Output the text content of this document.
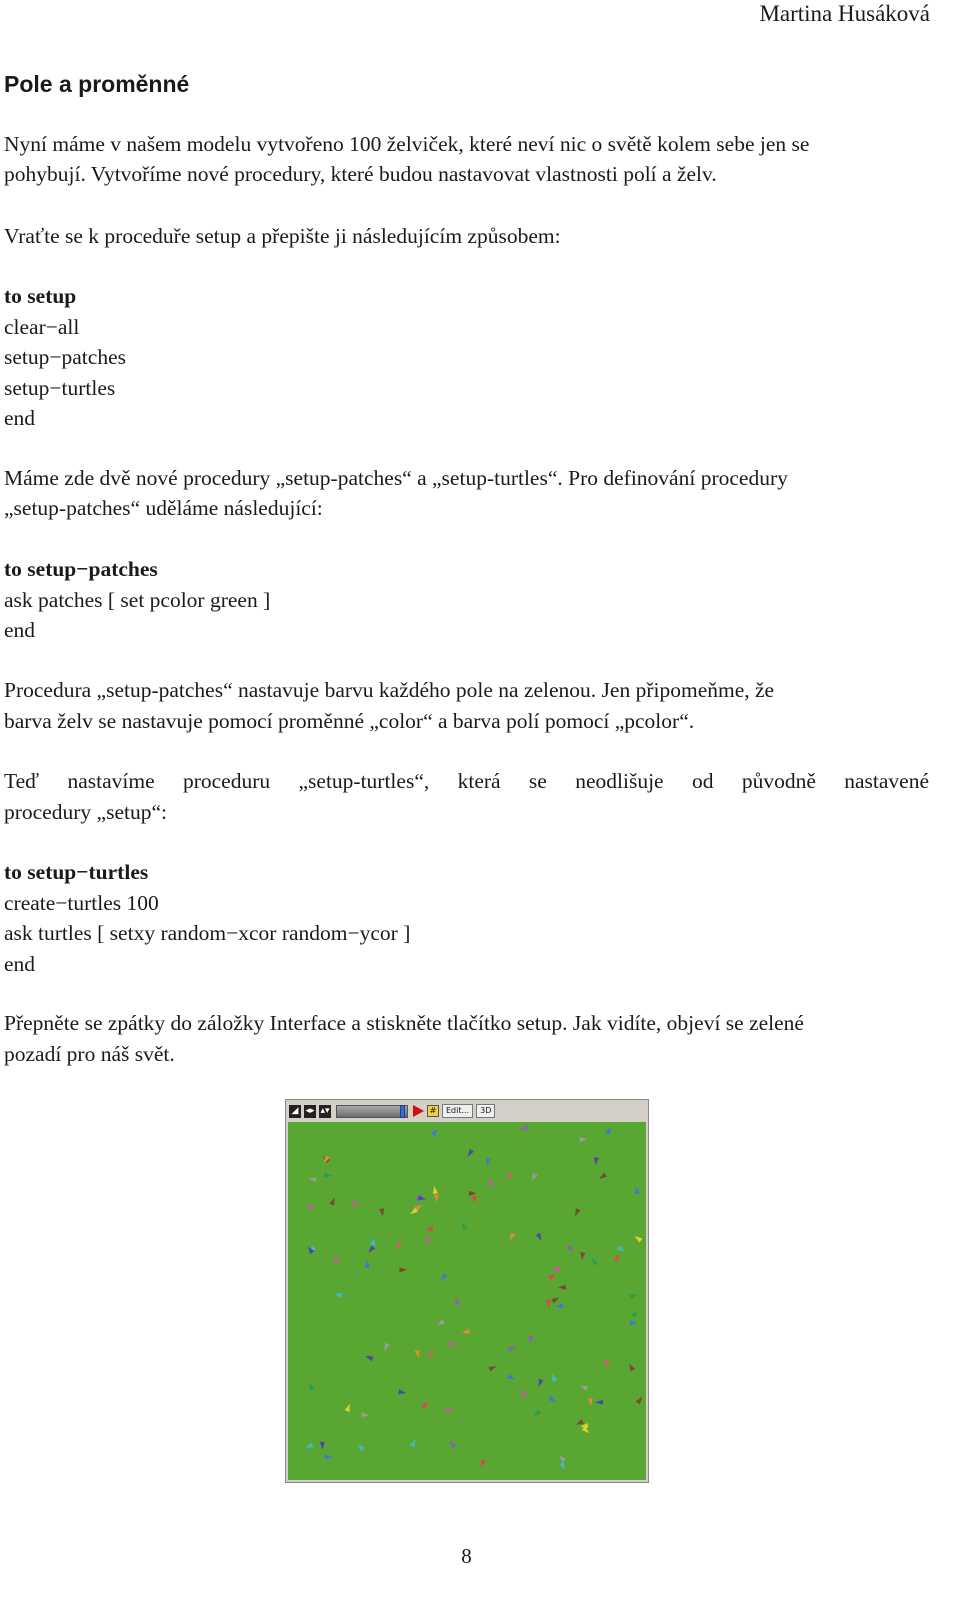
Martina Husáková
Pole a proměnné
Nyní máme v našem modelu vytvořeno 100 želviček, které neví nic o světě kolem sebe jen se
pohybují. Vytvoříme nové procedury, které budou nastavovat vlastnosti polí a želv.
Vraťte se k proceduře setup a přepište ji následujícím způsobem:
to setup
clear−all
setup−patches
setup−turtles
end
Máme zde dvě nové procedury „setup-patches“ a „setup-turtles“. Pro definování procedury
„setup-patches“ uděláme následující:
to setup−patches
ask patches [ set pcolor green ]
end
Procedura „setup-patches“ nastavuje barvu každého pole na zelenou. Jen připomeňme, že
barva želv se nastavuje pomocí proměnné „color“ a barva polí pomocí „pcolor“.
Teď nastavíme proceduru „setup-turtles“, která se neodlišuje od původně nastavené
procedury „setup“:
to setup−turtles
create−turtles 100
ask turtles [ setxy random−xcor random−ycor ]
end
Přepněte se zpátky do záložky Interface a stiskněte tlačítko setup. Jak vidíte, objeví se zelené
pozadí pro náš svět.
◢ ◂▸ ▴▾	#	Edit...	3D
8
